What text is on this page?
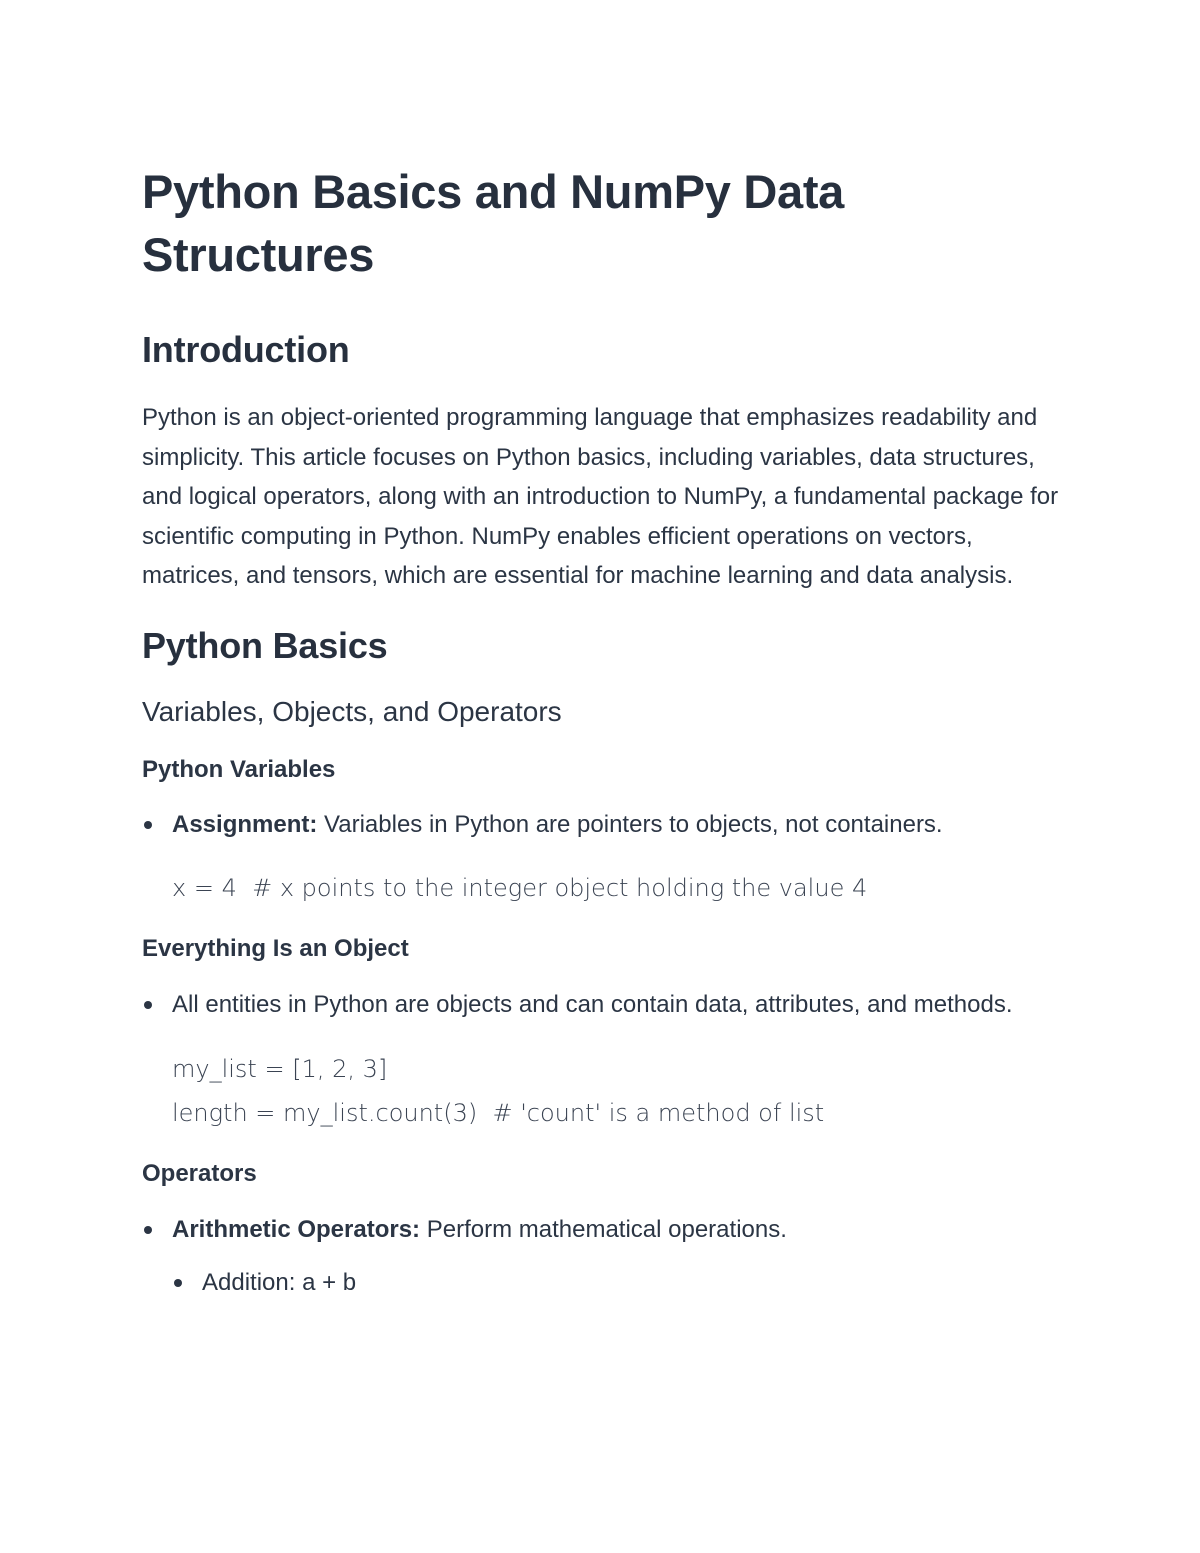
Python Basics and NumPy Data Structures
Introduction

Python is an object-oriented programming language that emphasizes readability and simplicity. This article focuses on Python basics, including variables, data structures, and logical operators, along with an introduction to NumPy, a fundamental package for scientific computing in Python. NumPy enables efficient operations on vectors, matrices, and tensors, which are essential for machine learning and data analysis.

Python Basics
Variables, Objects, and Operators
Python Variables
Assignment: Variables in Python are pointers to objects, not containers.

x = 4  # x points to the integer object holding the value 4

Everything Is an Object
All entities in Python are objects and can contain data, attributes, and methods.

my_list = [1, 2, 3]

length = my_list.count(3)  # 'count' is a method of list

Operators
Arithmetic Operators: Perform mathematical operations.
Addition: a + b
